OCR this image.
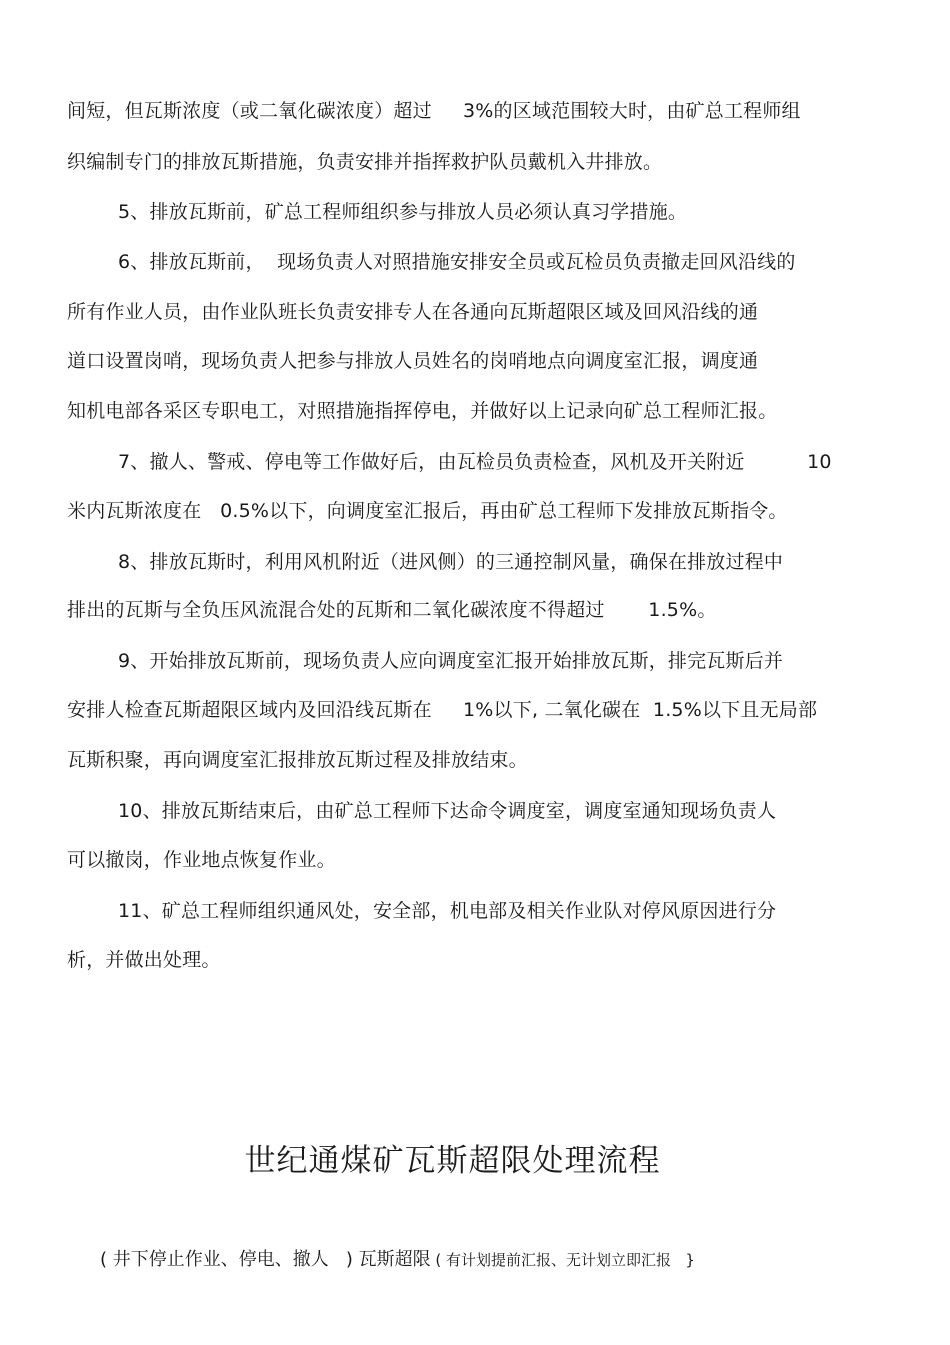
间短，但瓦斯浓度（或二氧化碳浓度）超过     3%的区域范围较大时，由矿总工程师组
织编制专门的排放瓦斯措施，负责安排并指挥救护队员戴机入井排放。
5、排放瓦斯前，矿总工程师组织参与排放人员必须认真习学措施。
6、排放瓦斯前，  现场负责人对照措施安排安全员或瓦检员负责撤走回风沿线的
所有作业人员，由作业队班长负责安排专人在各通向瓦斯超限区域及回风沿线的通
道口设置岗哨，现场负责人把参与排放人员姓名的岗哨地点向调度室汇报，调度通
知机电部各采区专职电工，对照措施指挥停电，并做好以上记录向矿总工程师汇报。
7、撤人、警戒、停电等工作做好后，由瓦检员负责检查，风机及开关附近          10
米内瓦斯浓度在   0.5%以下，向调度室汇报后，再由矿总工程师下发排放瓦斯指令。
8、排放瓦斯时，利用风机附近（进风侧）的三通控制风量，确保在排放过程中
排出的瓦斯与全负压风流混合处的瓦斯和二氧化碳浓度不得超过       1.5%。
9、开始排放瓦斯前，现场负责人应向调度室汇报开始排放瓦斯，排完瓦斯后并
安排人检查瓦斯超限区域内及回沿线瓦斯在     1%以下, 二氧化碳在  1.5%以下且无局部
瓦斯积聚，再向调度室汇报排放瓦斯过程及排放结束。
10、排放瓦斯结束后，由矿总工程师下达命令调度室，调度室通知现场负责人
可以撤岗，作业地点恢复作业。
11、矿总工程师组织通风处，安全部，机电部及相关作业队对停风原因进行分
析，并做出处理。
世纪通煤矿瓦斯超限处理流程
( 井下停止作业、停电、撤人   ) 瓦斯超限 ( 有计划提前汇报、无计划立即汇报   }
